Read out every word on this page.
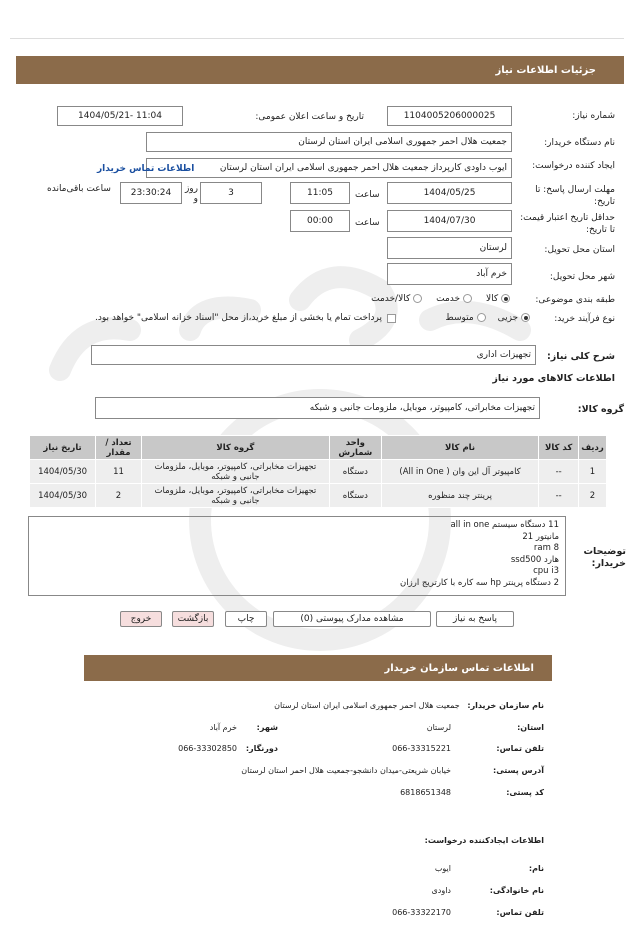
جزئیات اطلاعات نیاز
شماره نیاز:
1104005206000025
تاریخ و ساعت اعلان عمومی:
1404/05/21- 11:04
نام دستگاه خریدار:
جمعیت هلال احمر جمهوری اسلامی ایران استان لرستان
ایجاد کننده درخواست:
ایوب داودی کارپرداز جمعیت هلال احمر جمهوری اسلامی ایران استان لرستان
اطلاعات تماس خریدار
مهلت ارسال پاسخ: تا تاریخ:
1404/05/25
ساعت
11:05
3
روز و
23:30:24
ساعت باقی‌مانده
حداقل تاریخ اعتبار قیمت: تا تاریخ:
1404/07/30
ساعت
00:00
استان محل تحویل:
لرستان
شهر محل تحویل:
خرم آباد
طبقه بندی موضوعی:
کالا
خدمت
کالا/خدمت
نوع فرآیند خرید:
جزیی
متوسط
پرداخت تمام یا بخشی از مبلغ خرید،از محل "اسناد خزانه اسلامی" خواهد بود.
شرح کلی نیاز:
تجهیزات اداری
اطلاعات کالاهای مورد نیاز
گروه کالا:
تجهیزات مخابراتی، کامپیوتر، موبایل، ملزومات جانبی و شبکه
ردیف	کد کالا	نام کالا	واحد شمارش	گروه کالا	تعداد / مقدار	تاریخ نیاز
1	--	کامپیوتر آل این وان ( All in One)	دستگاه	تجهیزات مخابراتی، کامپیوتر، موبایل، ملزومات جانبی و شبکه	11	1404/05/30
2	--	پرینتر چند منظوره	دستگاه	تجهیزات مخابراتی، کامپیوتر، موبایل، ملزومات جانبی و شبکه	2	1404/05/30
توضیحات خریدار:
11 دستگاه سیستم all in one
مانیتور 21
ram 8
هارد ssd500
cpu i3
2 دستگاه پرینتر hp سه کاره با کارتریج ارزان
پاسخ به نیاز
مشاهده مدارک پیوستی (0)
چاپ
بازگشت
خروج
اطلاعات تماس سازمان خریدار
نام سازمان خریدار:   جمعیت هلال احمر جمهوری اسلامی ایران استان لرستان
استان:
لرستان
شهر:
خرم آباد
تلفن تماس:
066-33315221
دورنگار:
066-33302850
آدرس پستی:
خیابان شریعتی-میدان دانشجو-جمعیت هلال احمر استان لرستان
کد پستی:
6818651348
اطلاعات ایجادکننده درخواست:
نام:
ایوب
نام خانوادگی:
داودی
تلفن تماس:
066-33322170
